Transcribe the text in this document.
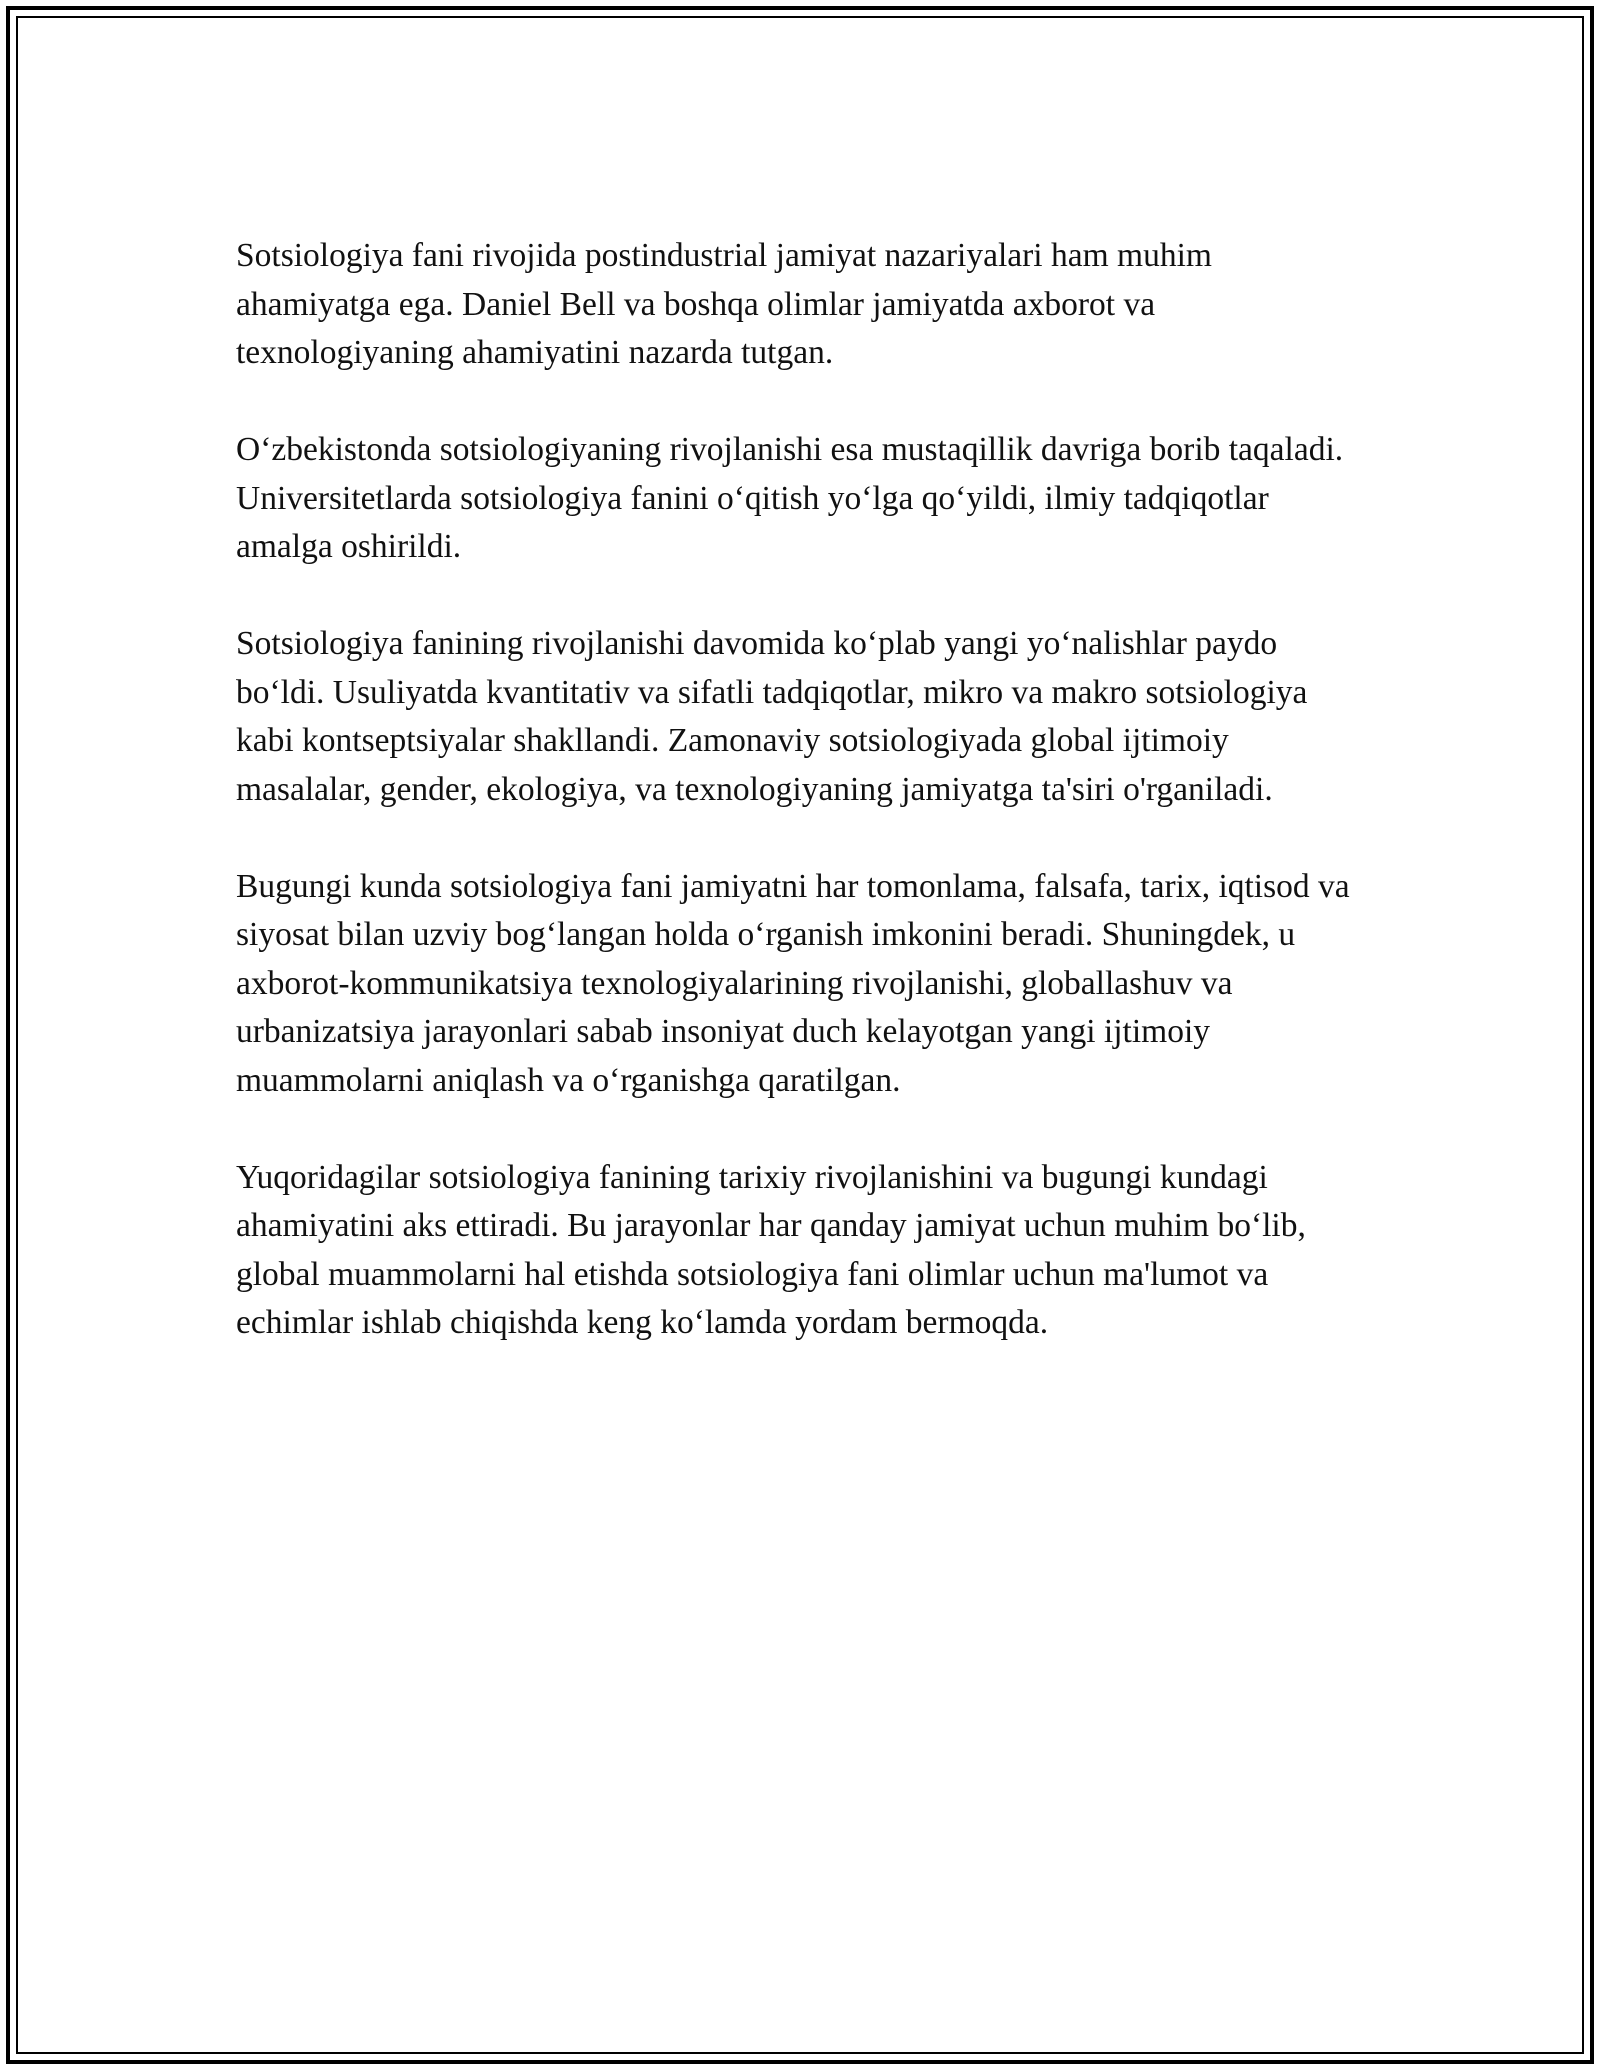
Sotsiologiya fani rivojida postindustrial jamiyat nazariyalari ham muhim ahamiyatga ega. Daniel Bell va boshqa olimlar jamiyatda axborot va texnologiyaning ahamiyatini nazarda tutgan.

O‘zbekistonda sotsiologiyaning rivojlanishi esa mustaqillik davriga borib taqaladi. Universitetlarda sotsiologiya fanini o‘qitish yo‘lga qo‘yildi, ilmiy tadqiqotlar amalga oshirildi.

Sotsiologiya fanining rivojlanishi davomida ko‘plab yangi yo‘nalishlar paydo bo‘ldi. Usuliyatda kvantitativ va sifatli tadqiqotlar, mikro va makro sotsiologiya kabi kontseptsiyalar shakllandi. Zamonaviy sotsiologiyada global ijtimoiy masalalar, gender, ekologiya, va texnologiyaning jamiyatga ta'siri o'rganiladi.

Bugungi kunda sotsiologiya fani jamiyatni har tomonlama, falsafa, tarix, iqtisod va siyosat bilan uzviy bog‘langan holda o‘rganish imkonini beradi. Shuningdek, u axborot-kommunikatsiya texnologiyalarining rivojlanishi, globallashuv va urbanizatsiya jarayonlari sabab insoniyat duch kelayotgan yangi ijtimoiy muammolarni aniqlash va o‘rganishga qaratilgan.

Yuqoridagilar sotsiologiya fanining tarixiy rivojlanishini va bugungi kundagi ahamiyatini aks ettiradi. Bu jarayonlar har qanday jamiyat uchun muhim bo‘lib, global muammolarni hal etishda sotsiologiya fani olimlar uchun ma'lumot va echimlar ishlab chiqishda keng ko‘lamda yordam bermoqda.
